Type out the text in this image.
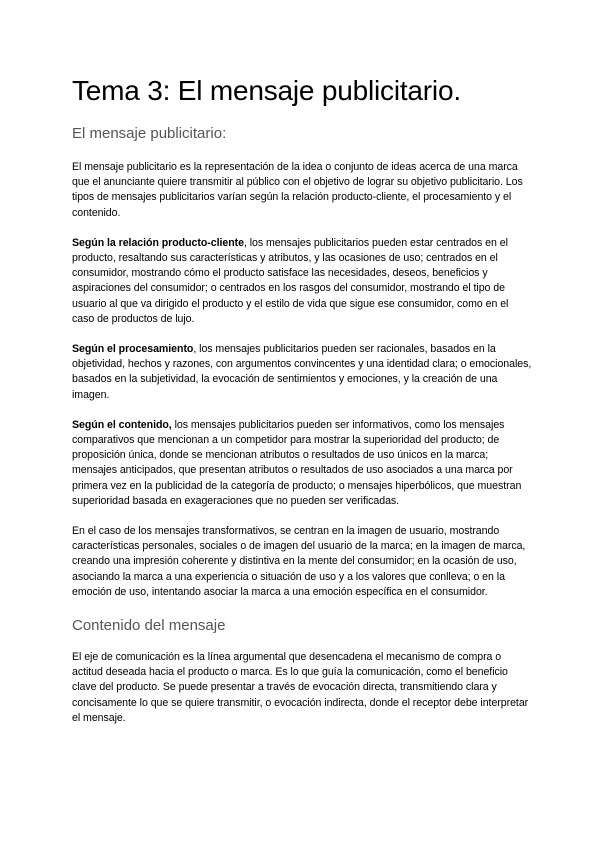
Tema 3: El mensaje publicitario.
El mensaje publicitario:

El mensaje publicitario es la representación de la idea o conjunto de ideas acerca de una marca que el anunciante quiere transmitir al público con el objetivo de lograr su objetivo publicitario. Los tipos de mensajes publicitarios varían según la relación producto-cliente, el procesamiento y el contenido.

Según la relación producto-cliente, los mensajes publicitarios pueden estar centrados en el producto, resaltando sus características y atributos, y las ocasiones de uso; centrados en el consumidor, mostrando cómo el producto satisface las necesidades, deseos, beneficios y aspiraciones del consumidor; o centrados en los rasgos del consumidor, mostrando el tipo de usuario al que va dirigido el producto y el estilo de vida que sigue ese consumidor, como en el caso de productos de lujo.

Según el procesamiento, los mensajes publicitarios pueden ser racionales, basados en la objetividad, hechos y razones, con argumentos convincentes y una identidad clara; o emocionales, basados en la subjetividad, la evocación de sentimientos y emociones, y la creación de una imagen.

Según el contenido, los mensajes publicitarios pueden ser informativos, como los mensajes comparativos que mencionan a un competidor para mostrar la superioridad del producto; de proposición única, donde se mencionan atributos o resultados de uso únicos en la marca; mensajes anticipados, que presentan atributos o resultados de uso asociados a una marca por primera vez en la publicidad de la categoría de producto; o mensajes hiperbólicos, que muestran superioridad basada en exageraciones que no pueden ser verificadas.

En el caso de los mensajes transformativos, se centran en la imagen de usuario, mostrando características personales, sociales o de imagen del usuario de la marca; en la imagen de marca, creando una impresión coherente y distintiva en la mente del consumidor; en la ocasión de uso, asociando la marca a una experiencia o situación de uso y a los valores que conlleva; o en la emoción de uso, intentando asociar la marca a una emoción específica en el consumidor.

Contenido del mensaje

El eje de comunicación es la línea argumental que desencadena el mecanismo de compra o actitud deseada hacia el producto o marca. Es lo que guía la comunicación, como el beneficio clave del producto. Se puede presentar a través de evocación directa, transmitiendo clara y concisamente lo que se quiere transmitir, o evocación indirecta, donde el receptor debe interpretar el mensaje.
